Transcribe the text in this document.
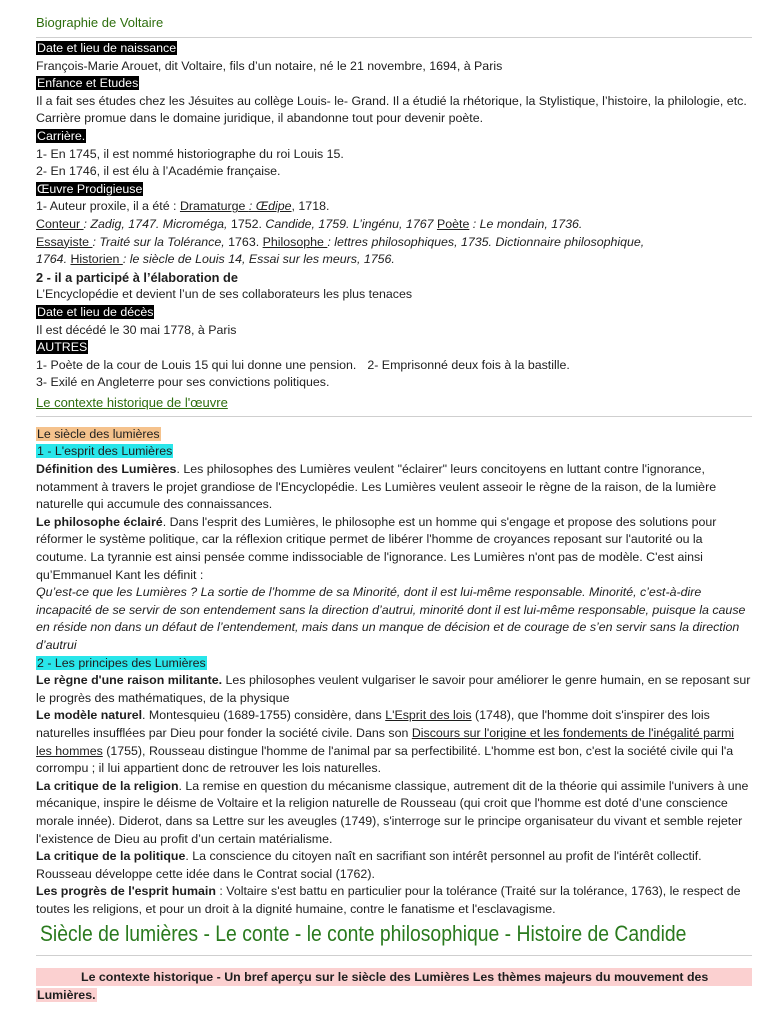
Biographie de Voltaire
Date et lieu de naissance
François-Marie Arouet, dit Voltaire, fils d’un notaire, né le 21 novembre, 1694, à Paris
Enfance et Etudes
Il a fait ses études chez les Jésuites au collège Louis- le- Grand. Il a étudié la rhétorique, la Stylistique, l’histoire, la philologie, etc. Carrière promue dans le domaine juridique, il abandonne tout pour devenir poète.
Carrière.
1- En 1745, il est nommé historiographe du roi Louis 15.
2- En 1746, il est élu à l’Académie française.
Œuvre Prodigieuse
1- Auteur proxile, il a été : Dramaturge : Œdipe, 1718.
Conteur : Zadig, 1747. Microméga, 1752. Candide, 1759. L’ingénu, 1767 Poète : Le mondain, 1736.
Essayiste : Traité sur la Tolérance, 1763. Philosophe : lettres philosophiques, 1735. Dictionnaire philosophique,
1764. Historien : le siècle de Louis 14, Essai sur les meurs, 1756.
2 - il a participé à l’élaboration de
L’Encyclopédie et devient l’un de ses collaborateurs les plus tenaces
Date et lieu de décès
Il est décédé le 30 mai 1778, à Paris
AUTRES
1- Poète de la cour de Louis 15 qui lui donne une pension. 2- Emprisonné deux fois à la bastille.
3- Exilé en Angleterre pour ses convictions politiques.
Le contexte historique de l'œuvre
Le siècle des lumières
1 - L'esprit des Lumières
Définition des Lumières. Les philosophes des Lumières veulent "éclairer" leurs concitoyens en luttant contre l'ignorance, notamment à travers le projet grandiose de l'Encyclopédie. Les Lumières veulent asseoir le règne de la raison, de la lumière naturelle qui accumule des connaissances.
Le philosophe éclairé. Dans l'esprit des Lumières, le philosophe est un homme qui s'engage et propose des solutions pour réformer le système politique, car la réflexion critique permet de libérer l'homme de croyances reposant sur l'autorité ou la coutume. La tyrannie est ainsi pensée comme indissociable de l'ignorance. Les Lumières n'ont pas de modèle. C'est ainsi qu’Emmanuel Kant les définit :
Qu’est-ce que les Lumières ? La sortie de l’homme de sa Minorité, dont il est lui-même responsable. Minorité, c’est-à-dire incapacité de se servir de son entendement sans la direction d’autrui, minorité dont il est lui-même responsable, puisque la cause en réside non dans un défaut de l’entendement, mais dans un manque de décision et de courage de s’en servir sans la direction d’autrui
2 - Les principes des Lumières
Le règne d'une raison militante. Les philosophes veulent vulgariser le savoir pour améliorer le genre humain, en se reposant sur le progrès des mathématiques, de la physique
Le modèle naturel. Montesquieu (1689-1755) considère, dans L'Esprit des lois (1748), que l'homme doit s'inspirer des lois naturelles insufflées par Dieu pour fonder la société civile. Dans son Discours sur l'origine et les fondements de l'inégalité parmi les hommes (1755), Rousseau distingue l'homme de l'animal par sa perfectibilité. L'homme est bon, c'est la société civile qui l'a corrompu ; il lui appartient donc de retrouver les lois naturelles.
La critique de la religion. La remise en question du mécanisme classique, autrement dit de la théorie qui assimile l'univers à une mécanique, inspire le déisme de Voltaire et la religion naturelle de Rousseau (qui croit que l'homme est doté d’une conscience morale innée). Diderot, dans sa Lettre sur les aveugles (1749), s'interroge sur le principe organisateur du vivant et semble rejeter l'existence de Dieu au profit d’un certain matérialisme.
La critique de la politique. La conscience du citoyen naît en sacrifiant son intérêt personnel au profit de l'intérêt collectif. Rousseau développe cette idée dans le Contrat social (1762).
Les progrès de l'esprit humain : Voltaire s'est battu en particulier pour la tolérance (Traité sur la tolérance, 1763), le respect de toutes les religions, et pour un droit à la dignité humaine, contre le fanatisme et l'esclavagisme.
Siècle de lumières - Le conte - le conte philosophique - Histoire de Candide
Le contexte historique - Un bref aperçu sur le siècle des Lumières Les thèmes majeurs du mouvement des
Lumières.
